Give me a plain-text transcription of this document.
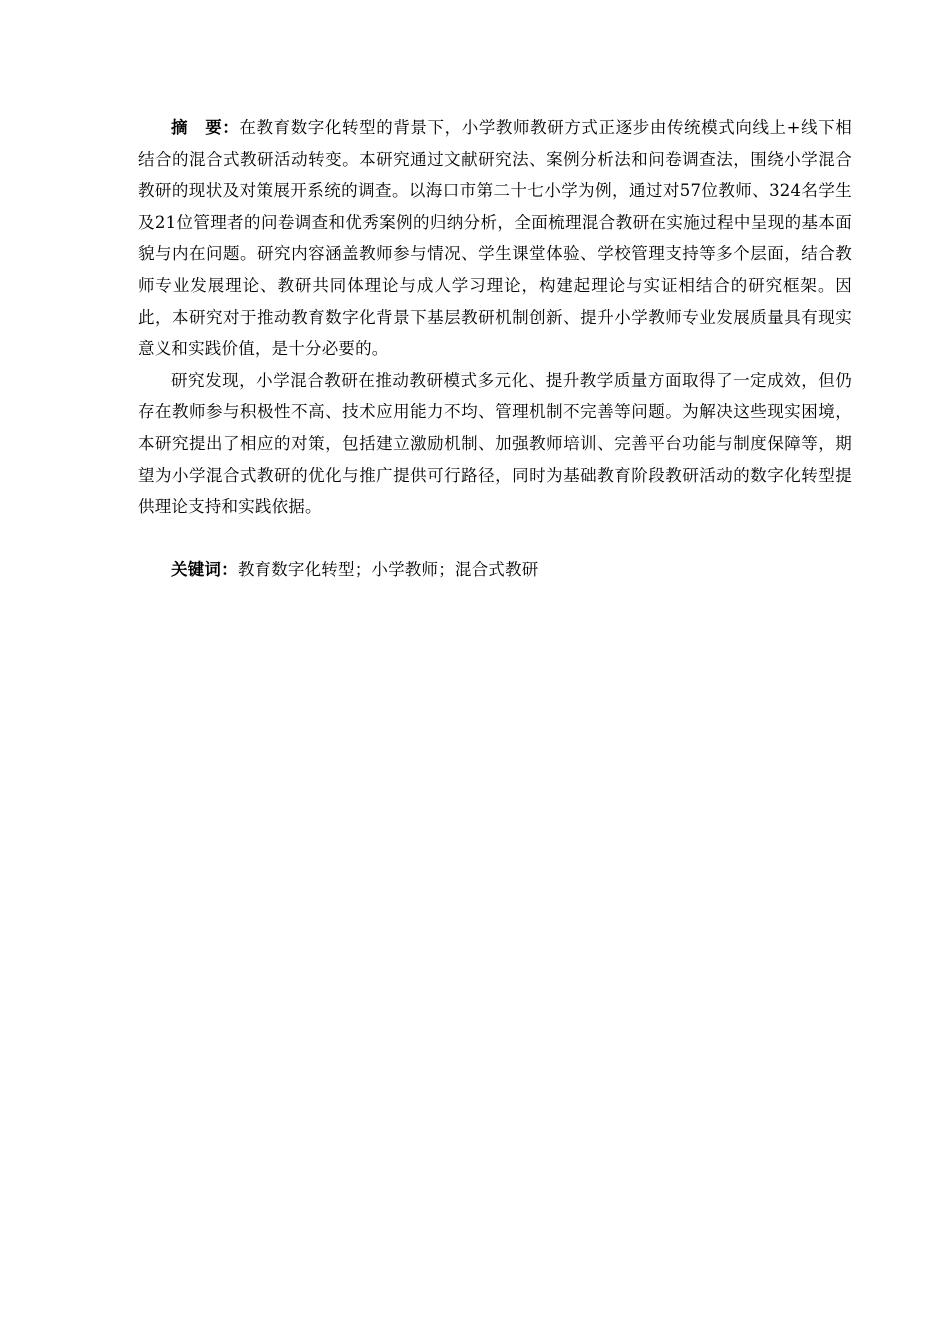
摘　要：在教育数字化转型的背景下，小学教师教研方式正逐步由传统模式向线上+线下相结合的混合式教研活动转变。本研究通过文献研究法、案例分析法和问卷调查法，围绕小学混合教研的现状及对策展开系统的调查。以海口市第二十七小学为例，通过对57位教师、324名学生及21位管理者的问卷调查和优秀案例的归纳分析，全面梳理混合教研在实施过程中呈现的基本面貌与内在问题。研究内容涵盖教师参与情况、学生课堂体验、学校管理支持等多个层面，结合教师专业发展理论、教研共同体理论与成人学习理论，构建起理论与实证相结合的研究框架。因此，本研究对于推动教育数字化背景下基层教研机制创新、提升小学教师专业发展质量具有现实意义和实践价值，是十分必要的。

研究发现，小学混合教研在推动教研模式多元化、提升教学质量方面取得了一定成效，但仍存在教师参与积极性不高、技术应用能力不均、管理机制不完善等问题。为解决这些现实困境，本研究提出了相应的对策，包括建立激励机制、加强教师培训、完善平台功能与制度保障等，期望为小学混合式教研的优化与推广提供可行路径，同时为基础教育阶段教研活动的数字化转型提供理论支持和实践依据。

关键词：教育数字化转型；小学教师；混合式教研
